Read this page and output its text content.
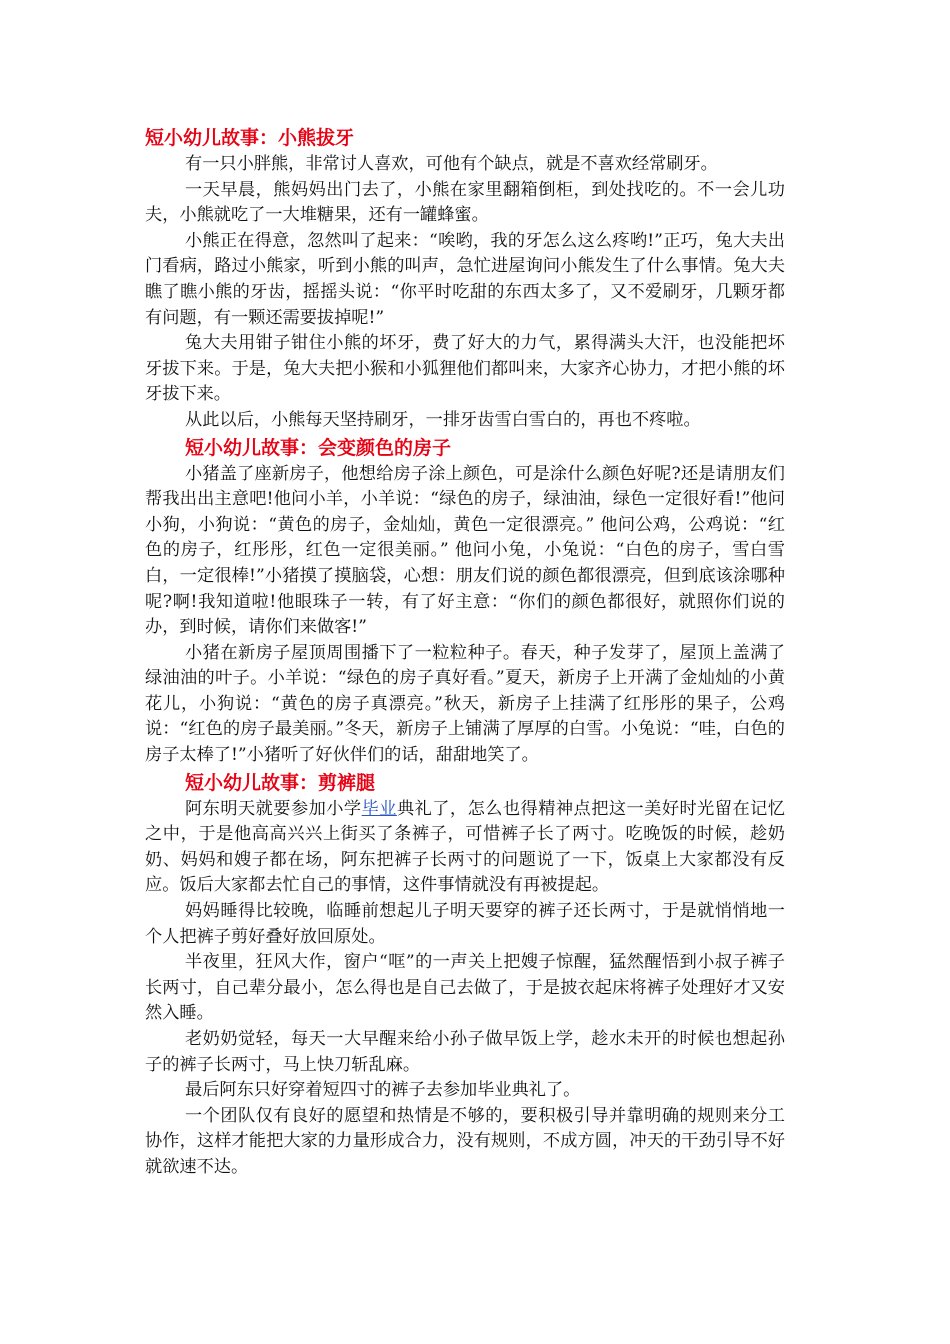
短小幼儿故事：小熊拔牙

有一只小胖熊，非常讨人喜欢，可他有个缺点，就是不喜欢经常刷牙。

一天早晨，熊妈妈出门去了，小熊在家里翻箱倒柜，到处找吃的。不一会儿功夫，小熊就吃了一大堆糖果，还有一罐蜂蜜。

小熊正在得意，忽然叫了起来：“唉哟，我的牙怎么这么疼哟!”正巧，兔大夫出门看病，路过小熊家，听到小熊的叫声，急忙进屋询问小熊发生了什么事情。兔大夫瞧了瞧小熊的牙齿，摇摇头说：“你平时吃甜的东西太多了，又不爱刷牙，几颗牙都有问题，有一颗还需要拔掉呢!”

兔大夫用钳子钳住小熊的坏牙，费了好大的力气，累得满头大汗，也没能把坏牙拔下来。于是，兔大夫把小猴和小狐狸他们都叫来，大家齐心协力，才把小熊的坏牙拔下来。

从此以后，小熊每天坚持刷牙，一排牙齿雪白雪白的，再也不疼啦。

短小幼儿故事：会变颜色的房子

小猪盖了座新房子，他想给房子涂上颜色，可是涂什么颜色好呢?还是请朋友们帮我出出主意吧!他问小羊，小羊说：“绿色的房子，绿油油，绿色一定很好看!”他问小狗，小狗说：“黄色的房子，金灿灿，黄色一定很漂亮。” 他问公鸡，公鸡说：“红色的房子，红彤彤，红色一定很美丽。” 他问小兔，小兔说：“白色的房子，雪白雪白，一定很棒!”小猪摸了摸脑袋，心想：朋友们说的颜色都很漂亮，但到底该涂哪种呢?啊!我知道啦!他眼珠子一转，有了好主意：“你们的颜色都很好，就照你们说的办，到时候，请你们来做客!”

小猪在新房子屋顶周围播下了一粒粒种子。春天，种子发芽了，屋顶上盖满了绿油油的叶子。小羊说：“绿色的房子真好看。”夏天，新房子上开满了金灿灿的小黄花儿，小狗说：“黄色的房子真漂亮。”秋天，新房子上挂满了红彤彤的果子，公鸡说：“红色的房子最美丽。”冬天，新房子上铺满了厚厚的白雪。小兔说：“哇，白色的房子太棒了!”小猪听了好伙伴们的话，甜甜地笑了。

短小幼儿故事：剪裤腿

阿东明天就要参加小学毕业典礼了，怎么也得精神点把这一美好时光留在记忆之中，于是他高高兴兴上街买了条裤子，可惜裤子长了两寸。吃晚饭的时候，趁奶奶、妈妈和嫂子都在场，阿东把裤子长两寸的问题说了一下，饭桌上大家都没有反应。饭后大家都去忙自己的事情，这件事情就没有再被提起。

妈妈睡得比较晚，临睡前想起儿子明天要穿的裤子还长两寸，于是就悄悄地一个人把裤子剪好叠好放回原处。

半夜里，狂风大作，窗户“哐”的一声关上把嫂子惊醒，猛然醒悟到小叔子裤子长两寸，自己辈分最小，怎么得也是自己去做了，于是披衣起床将裤子处理好才又安然入睡。

老奶奶觉轻，每天一大早醒来给小孙子做早饭上学，趁水未开的时候也想起孙子的裤子长两寸，马上快刀斩乱麻。

最后阿东只好穿着短四寸的裤子去参加毕业典礼了。

一个团队仅有良好的愿望和热情是不够的，要积极引导并靠明确的规则来分工协作，这样才能把大家的力量形成合力，没有规则，不成方圆，冲天的干劲引导不好就欲速不达。
